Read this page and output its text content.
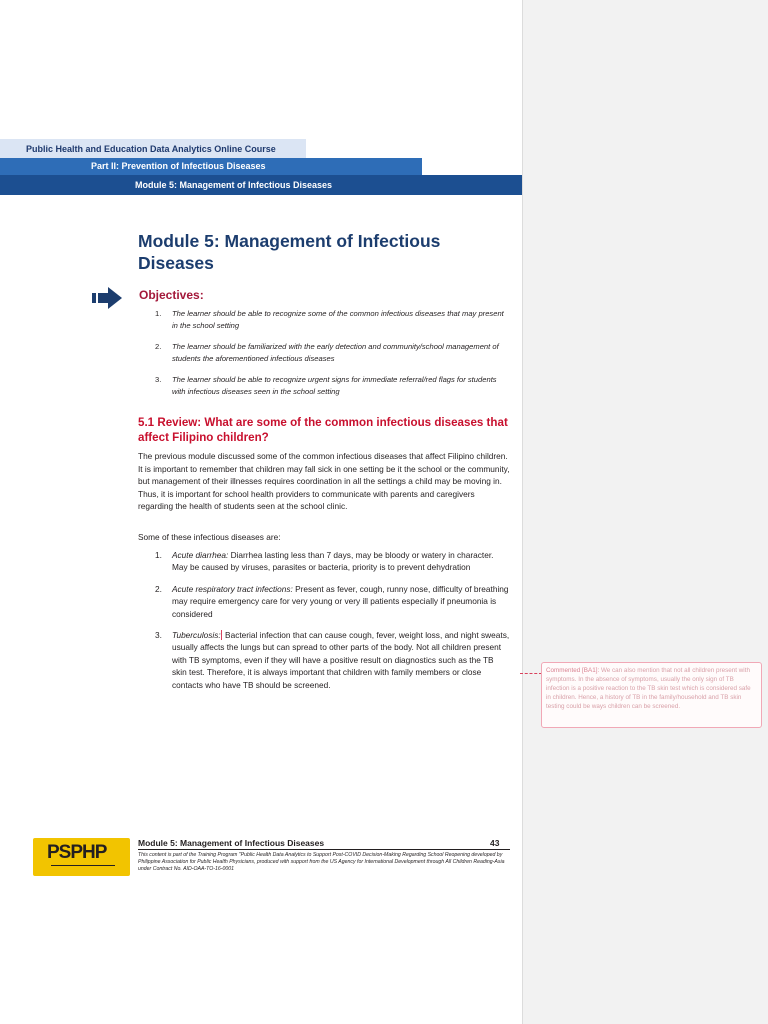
Public Health and Education Data Analytics Online Course
Part II: Prevention of Infectious Diseases
Module 5: Management of Infectious Diseases
Module 5: Management of Infectious Diseases
Objectives:
1.	The learner should be able to recognize some of the common infectious diseases that may present in the school setting
2.	The learner should be familiarized with the early detection and community/school management of students the aforementioned infectious diseases
3.	The learner should be able to recognize urgent signs for immediate referral/red flags for students with infectious diseases seen in the school setting
5.1 Review: What are some of the common infectious diseases that affect Filipino children?
The previous module discussed some of the common infectious diseases that affect Filipino children. It is important to remember that children may fall sick in one setting be it the school or the community, but management of their illnesses requires coordination in all the settings a child may be moving in. Thus, it is important for school health providers to communicate with parents and caregivers regarding the health of students seen at the school clinic.
Some of these infectious diseases are:
1.	Acute diarrhea: Diarrhea lasting less than 7 days, may be bloody or watery in character. May be caused by viruses, parasites or bacteria, priority is to prevent dehydration
2.	Acute respiratory tract infections: Present as fever, cough, runny nose, difficulty of breathing may require emergency care for very young or very ill patients especially if pneumonia is considered
3.	Tuberculosis: Bacterial infection that can cause cough, fever, weight loss, and night sweats, usually affects the lungs but can spread to other parts of the body. Not all children present with TB symptoms, even if they will have a positive result on diagnostics such as the TB skin test. Therefore, it is always important that children with family members or close contacts who have TB should be screened.
PSPHP	Module 5: Management of Infectious Diseases	43
This content is part of the Training Program "Public Health Data Analytics to Support Post-COVID Decision-Making Regarding School Reopening developed by Philippine Association for Public Health Physicians, produced with support from the US Agency for International Development through All Children Reading-Asia under Contract No. AID-OAA-TO-16-0001
Commented [BA1]: We can also mention that not all children present with symptoms. In the absence of symptoms, usually the only sign of TB infection is a positive reaction to the TB skin test which is considered safe in children. Hence, a history of TB in the family/household and TB skin testing could be ways children can be screened.
